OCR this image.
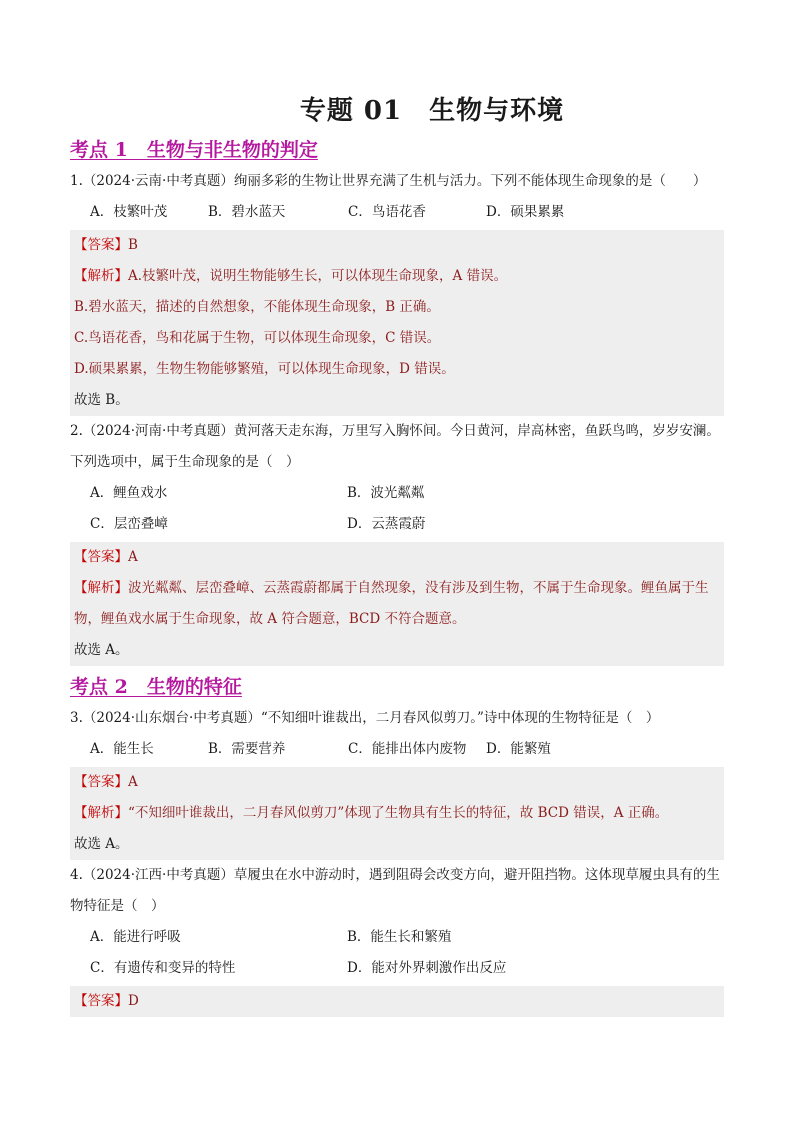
专题 01　生物与环境
考点 1　生物与非生物的判定

1.（2024·云南·中考真题）绚丽多彩的生物让世界充满了生机与活力。下列不能体现生命现象的是（　　）

A．枝繁叶茂	B．碧水蓝天	C．鸟语花香	D．硕果累累

【答案】B

【解析】A.枝繁叶茂，说明生物能够生长，可以体现生命现象，A 错误。

B.碧水蓝天，描述的自然想象，不能体现生命现象，B 正确。

C.鸟语花香，鸟和花属于生物，可以体现生命现象，C 错误。

D.硕果累累，生物生物能够繁殖，可以体现生命现象，D 错误。

故选 B。

2.（2024·河南·中考真题）黄河落天走东海，万里写入胸怀间。今日黄河，岸高林密，鱼跃鸟鸣，岁岁安澜。下列选项中，属于生命现象的是（　）

A．鲤鱼戏水	B．波光粼粼
C．层峦叠嶂	D．云蒸霞蔚

【答案】A

【解析】波光粼粼、层峦叠嶂、云蒸霞蔚都属于自然现象，没有涉及到生物，不属于生命现象。鲤鱼属于生物，鲤鱼戏水属于生命现象，故 A 符合题意，BCD 不符合题意。

故选 A。

考点 2　生物的特征

3.（2024·山东烟台·中考真题）“不知细叶谁裁出，二月春风似剪刀。”诗中体现的生物特征是（　）

A．能生长	B．需要营养	C．能排出体内废物	D．能繁殖

【答案】A

【解析】“不知细叶谁裁出，二月春风似剪刀”体现了生物具有生长的特征，故 BCD 错误，A 正确。

故选 A。

4.（2024·江西·中考真题）草履虫在水中游动时，遇到阻碍会改变方向，避开阻挡物。这体现草履虫具有的生物特征是（　）

A．能进行呼吸	B．能生长和繁殖
C．有遗传和变异的特性	D．能对外界刺激作出反应

【答案】D
